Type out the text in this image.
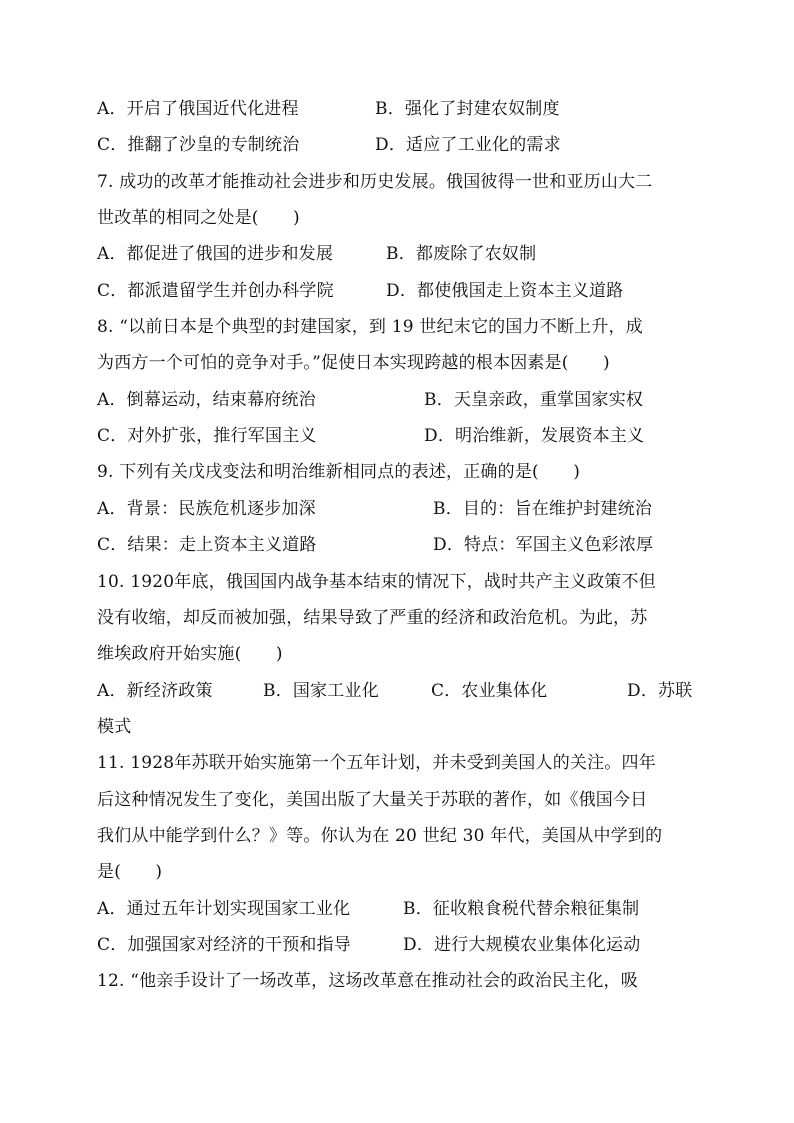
A．开启了俄国近代化进程	B．强化了封建农奴制度
C．推翻了沙皇的专制统治	D．适应了工业化的需求
7. 成功的改革才能推动社会进步和历史发展。俄国彼得一世和亚历山大二
世改革的相同之处是(　　)
A．都促进了俄国的进步和发展	B．都废除了农奴制
C．都派遣留学生并创办科学院	D．都使俄国走上资本主义道路
8. “以前日本是个典型的封建国家，到 19 世纪末它的国力不断上升，成
为西方一个可怕的竞争对手。”促使日本实现跨越的根本因素是(　　)
A．倒幕运动，结束幕府统治	B．天皇亲政，重掌国家实权
C．对外扩张，推行军国主义	D．明治维新，发展资本主义
9. 下列有关戊戌变法和明治维新相同点的表述，正确的是(　　)
A．背景：民族危机逐步加深	B．目的：旨在维护封建统治
C．结果：走上资本主义道路	D．特点：军国主义色彩浓厚
10. 1920年底，俄国国内战争基本结束的情况下，战时共产主义政策不但
没有收缩，却反而被加强，结果导致了严重的经济和政治危机。为此，苏
维埃政府开始实施(　　)
A．新经济政策	B．国家工业化	C．农业集体化	D．苏联
模式
11. 1928年苏联开始实施第一个五年计划，并未受到美国人的关注。四年
后这种情况发生了变化，美国出版了大量关于苏联的著作，如《俄国今日
我们从中能学到什么？》等。你认为在 20 世纪 30 年代，美国从中学到的
是(　　)
A．通过五年计划实现国家工业化	B．征收粮食税代替余粮征集制
C．加强国家对经济的干预和指导	D．进行大规模农业集体化运动
12. “他亲手设计了一场改革，这场改革意在推动社会的政治民主化，吸
